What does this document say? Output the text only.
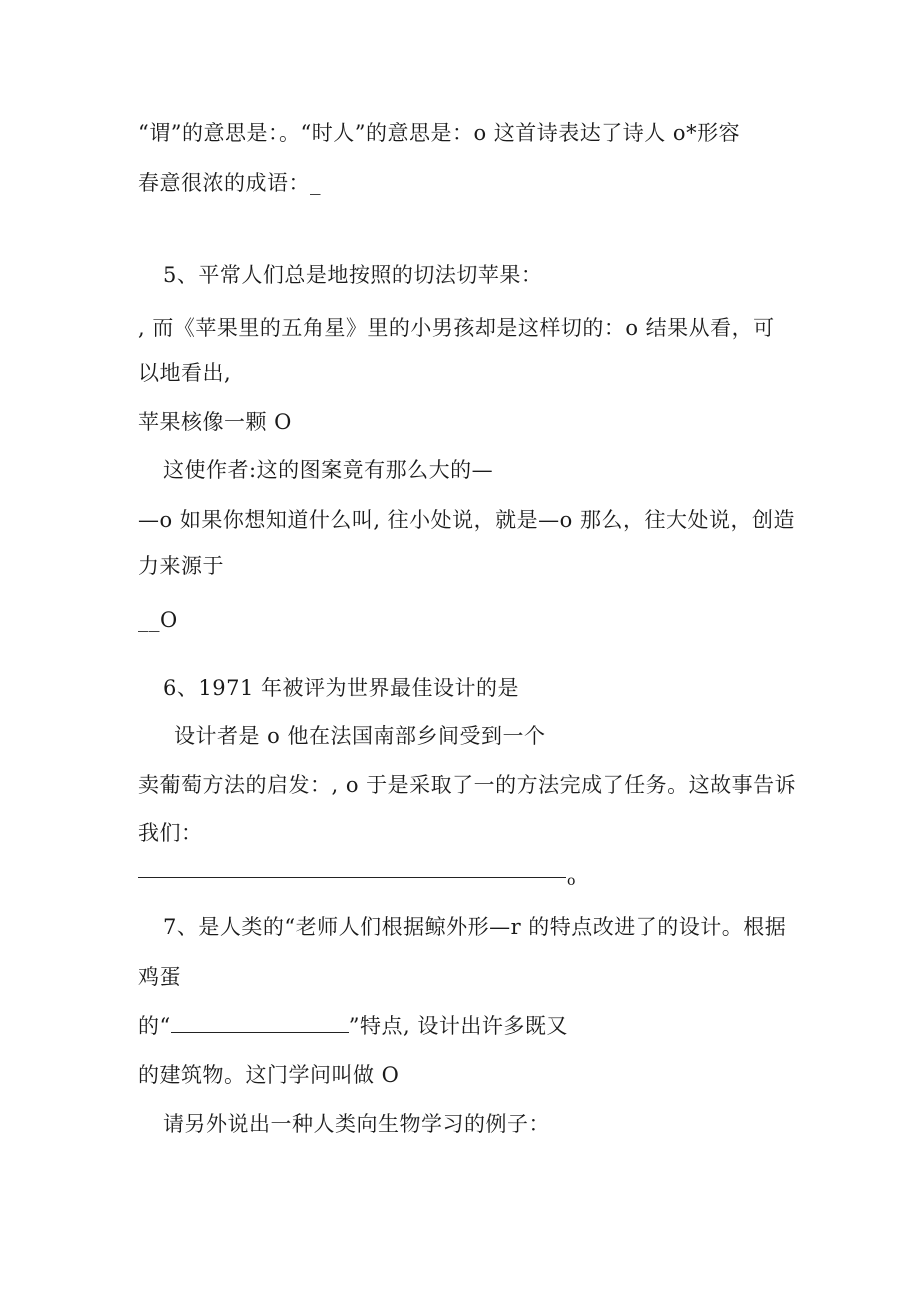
“谓”的意思是：。“时人”的意思是：o 这首诗表达了诗人 o*形容
春意很浓的成语：_
5、平常人们总是地按照的切法切苹果：
, 而《苹果里的五角星》里的小男孩却是这样切的：o 结果从看，可
以地看出,
苹果核像一颗 O
这使作者:这的图案竟有那么大的—
—o 如果你想知道什么叫, 往小处说，就是—o 那么，往大处说，创造
力来源于
__O
6、1971 年被评为世界最佳设计的是
设计者是 o 他在法国南部乡间受到一个
卖葡萄方法的启发：, o 于是采取了一的方法完成了任务。这故事告诉
我们：
o
7、是人类的“老师人们根据鲸外形—r 的特点改进了的设计。根据
鸡蛋
的“	”特点, 设计出许多既又
的建筑物。这门学问叫做 O
请另外说出一种人类向生物学习的例子：
